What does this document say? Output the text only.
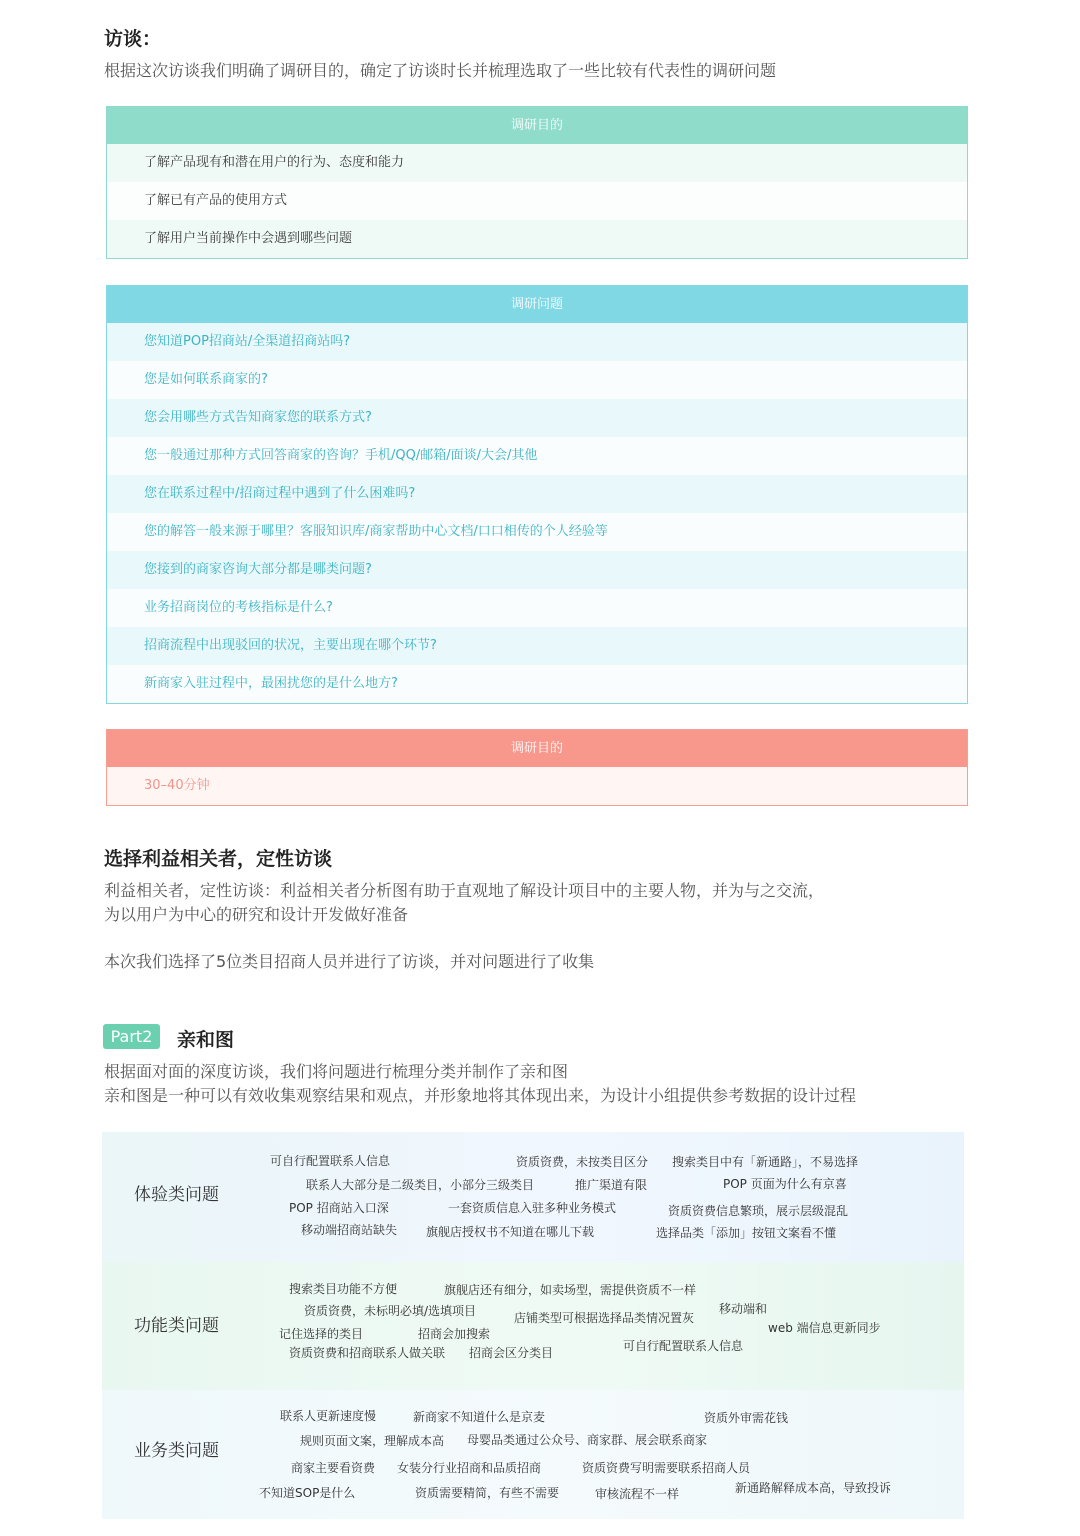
访谈：
根据这次访谈我们明确了调研目的，确定了访谈时长并梳理选取了一些比较有代表性的调研问题
调研目的
了解产品现有和潜在用户的行为、态度和能力
了解已有产品的使用方式
了解用户当前操作中会遇到哪些问题
调研问题
您知道POP招商站/全渠道招商站吗?
您是如何联系商家的?
您会用哪些方式告知商家您的联系方式?
您一般通过那种方式回答商家的咨询？手机/QQ/邮箱/面谈/大会/其他
您在联系过程中/招商过程中遇到了什么困难吗?
您的解答一般来源于哪里？客服知识库/商家帮助中心文档/口口相传的个人经验等
您接到的商家咨询大部分都是哪类问题?
业务招商岗位的考核指标是什么?
招商流程中出现驳回的状况，主要出现在哪个环节?
新商家入驻过程中，最困扰您的是什么地方?
调研目的
30–40分钟
选择利益相关者，定性访谈
利益相关者，定性访谈：利益相关者分析图有助于直观地了解设计项目中的主要人物，并为与之交流，
为以用户为中心的研究和设计开发做好准备
本次我们选择了5位类目招商人员并进行了访谈，并对问题进行了收集
Part2	亲和图
根据面对面的深度访谈，我们将问题进行梳理分类并制作了亲和图
亲和图是一种可以有效收集观察结果和观点，并形象地将其体现出来，为设计小组提供参考数据的设计过程
体验类问题
可自行配置联系人信息	资质资费，未按类目区分 搜索类目中有「新通路」，不易选择
联系人大部分是二级类目，小部分三级类目	推广渠道有限	POP 页面为什么有京喜
POP 招商站入口深	一套资质信息入驻多种业务模式	资质资费信息繁琐，展示层级混乱
移动端招商站缺失 旗舰店授权书不知道在哪儿下载	选择品类「添加」按钮文案看不懂
功能类问题
搜索类目功能不方便	旗舰店还有细分，如卖场型，需提供资质不一样
资质资费，未标明必填/选填项目	店铺类型可根据选择品类情况置灰
移动端和
web 端信息更新同步
记住选择的类目	招商会加搜索
可自行配置联系人信息
资质资费和招商联系人做关联 招商会区分类目
业务类问题
联系人更新速度慢	新商家不知道什么是京麦	资质外审需花钱
规则页面文案，理解成本高 母婴品类通过公众号、商家群、展会联系商家
商家主要看资费 女装分行业招商和品质招商	资质资费写明需要联系招商人员
新通路解释成本高，导致投诉
不知道SOP是什么	资质需要精简，有些不需要	审核流程不一样
